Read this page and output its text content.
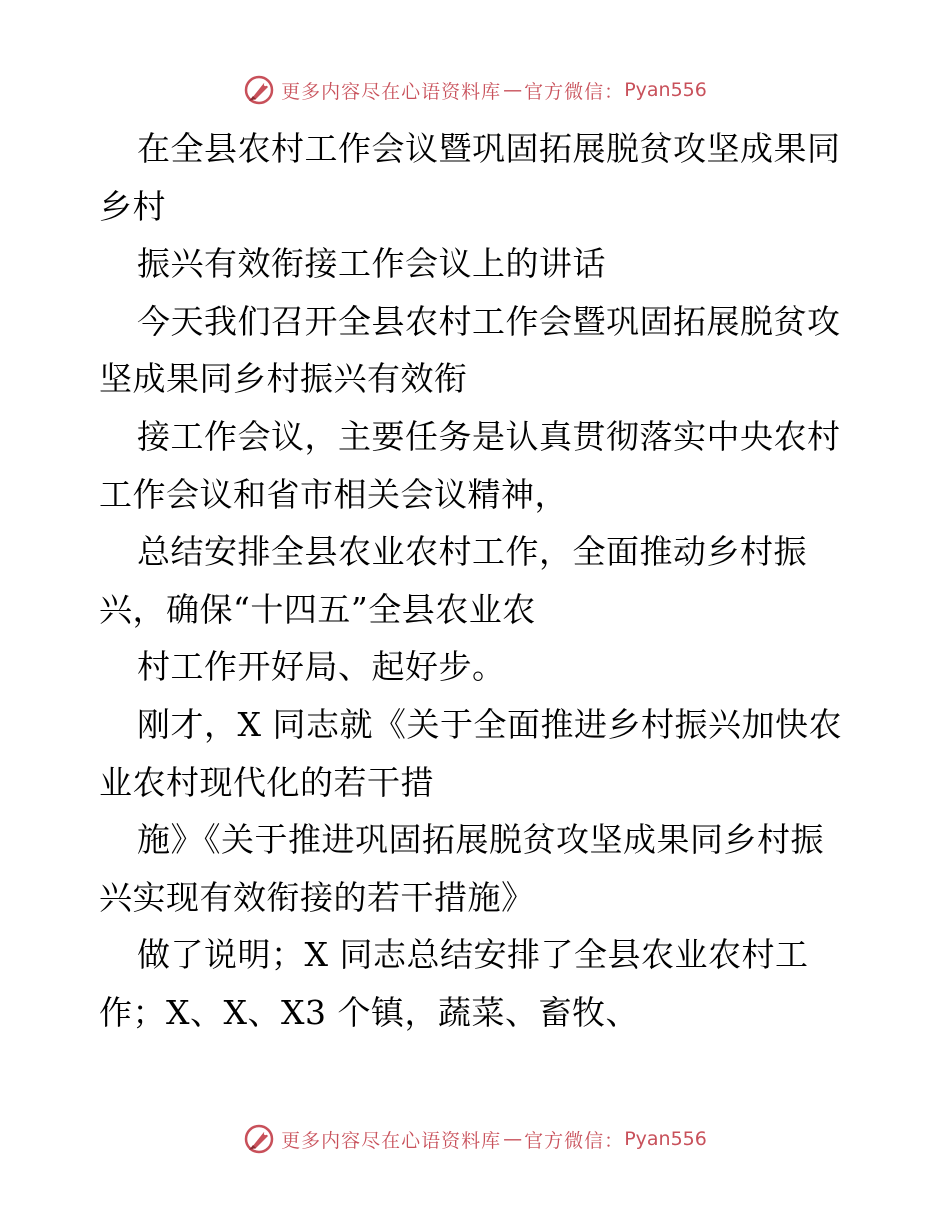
更多内容尽在心语资料库 — 官方微信： Pyan556
在全县农村工作会议暨巩固拓展脱贫攻坚成果同
乡村
振兴有效衔接工作会议上的讲话
今天我们召开全县农村工作会暨巩固拓展脱贫攻
坚成果同乡村振兴有效衔
接工作会议，主要任务是认真贯彻落实中央农村
工作会议和省市相关会议精神，
总结安排全县农业农村工作，全面推动乡村振
兴，确保“十四五”全县农业农
村工作开好局、起好步。
刚才，X 同志就《关于全面推进乡村振兴加快农
业农村现代化的若干措
施》《关于推进巩固拓展脱贫攻坚成果同乡村振
兴实现有效衔接的若干措施》
做了说明；X 同志总结安排了全县农业农村工
作；X、X、X3 个镇，蔬菜、畜牧、
更多内容尽在心语资料库 — 官方微信： Pyan556
